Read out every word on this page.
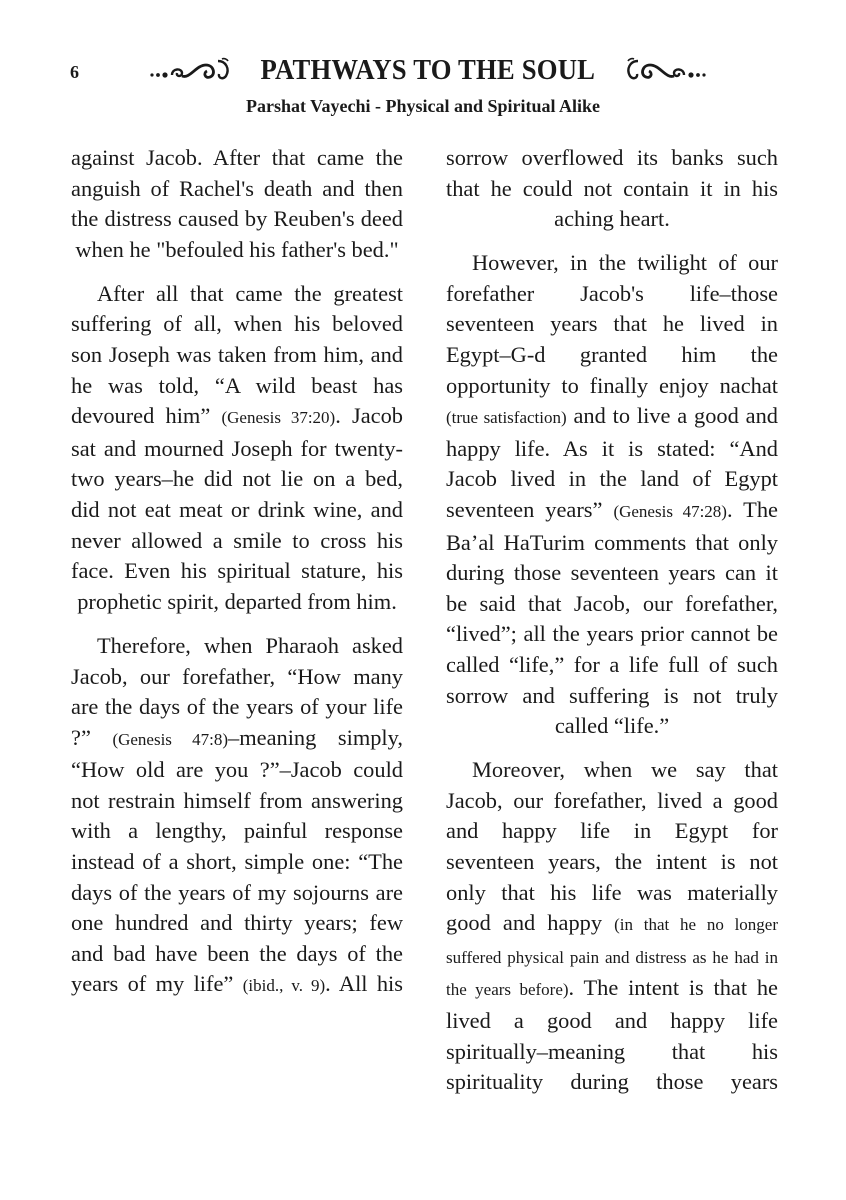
6	PATHWAYS TO THE SOUL
Parshat Vayechi - Physical and Spiritual Alike

against Jacob. After that came the anguish of Rachel's death and then the distress caused by Reuben's deed when he "befouled his father's bed."

After all that came the greatest suffering of all, when his beloved son Joseph was taken from him, and he was told, “A wild beast has devoured him” (Genesis 37:20). Jacob sat and mourned Joseph for twenty-two years–he did not lie on a bed, did not eat meat or drink wine, and never allowed a smile to cross his face. Even his spiritual stature, his prophetic spirit, departed from him.

Therefore, when Pharaoh asked Jacob, our forefather, “How many are the days of the years of your life ?” (Genesis 47:8)–meaning simply, “How old are you ?”–Jacob could not restrain himself from answering with a lengthy, painful response instead of a short, simple one: “The days of the years of my sojourns are one hundred and thirty years; few and bad have been the days of the years of my life” (ibid., v. 9). All his

sorrow overflowed its banks such that he could not contain it in his aching heart.

However, in the twilight of our forefather Jacob's life–those seventeen years that he lived in Egypt–G-d granted him the opportunity to finally enjoy nachat (true satisfaction) and to live a good and happy life. As it is stated: “And Jacob lived in the land of Egypt seventeen years” (Genesis 47:28). The Ba’al HaTurim comments that only during those seventeen years can it be said that Jacob, our forefather, “lived”; all the years prior cannot be called “life,” for a life full of such sorrow and suffering is not truly called “life.”

Moreover, when we say that Jacob, our forefather, lived a good and happy life in Egypt for seventeen years, the intent is not only that his life was materially good and happy (in that he no longer suffered physical pain and distress as he had in the years before). The intent is that he lived a good and happy life spiritually–meaning that his spirituality during those years
